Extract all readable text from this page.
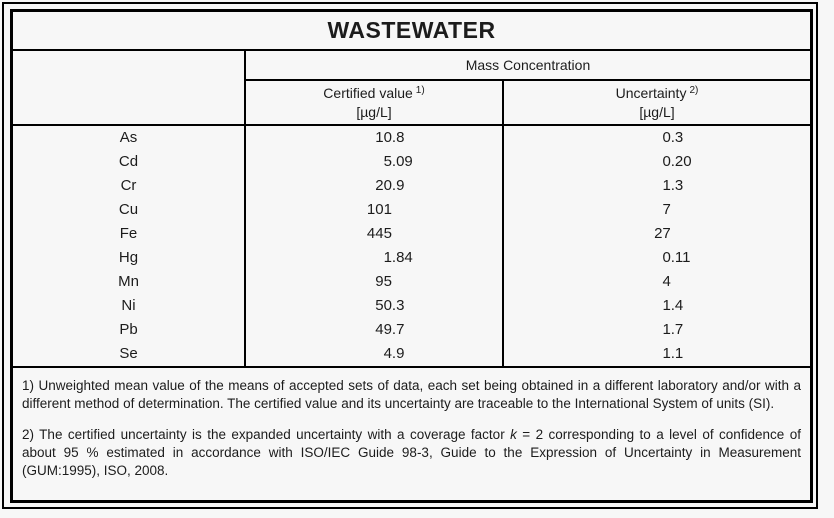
WASTEWATER
Mass Concentration
Certified value 1)
[µg/L]
Uncertainty 2)
[µg/L]
As	10 .8	0 .3
Cd	5 .09	0 .20
Cr	20 .9	1 .3
Cu	101	7
Fe	445	27
Hg	1 .84	0 .11
Mn	95	4
Ni	50 .3	1 .4
Pb	49 .7	1 .7
Se	4 .9	1 .1

1) Unweighted mean value of the means of accepted sets of data, each set being obtained in a different laboratory and/or with a different method of determination. The certified value and its uncertainty are traceable to the International System of units (SI).

2) The certified uncertainty is the expanded uncertainty with a coverage factor k = 2 corresponding to a level of confidence of about 95 % estimated in accordance with ISO/IEC Guide 98-3, Guide to the Expression of Uncertainty in Measurement (GUM:1995), ISO, 2008.
